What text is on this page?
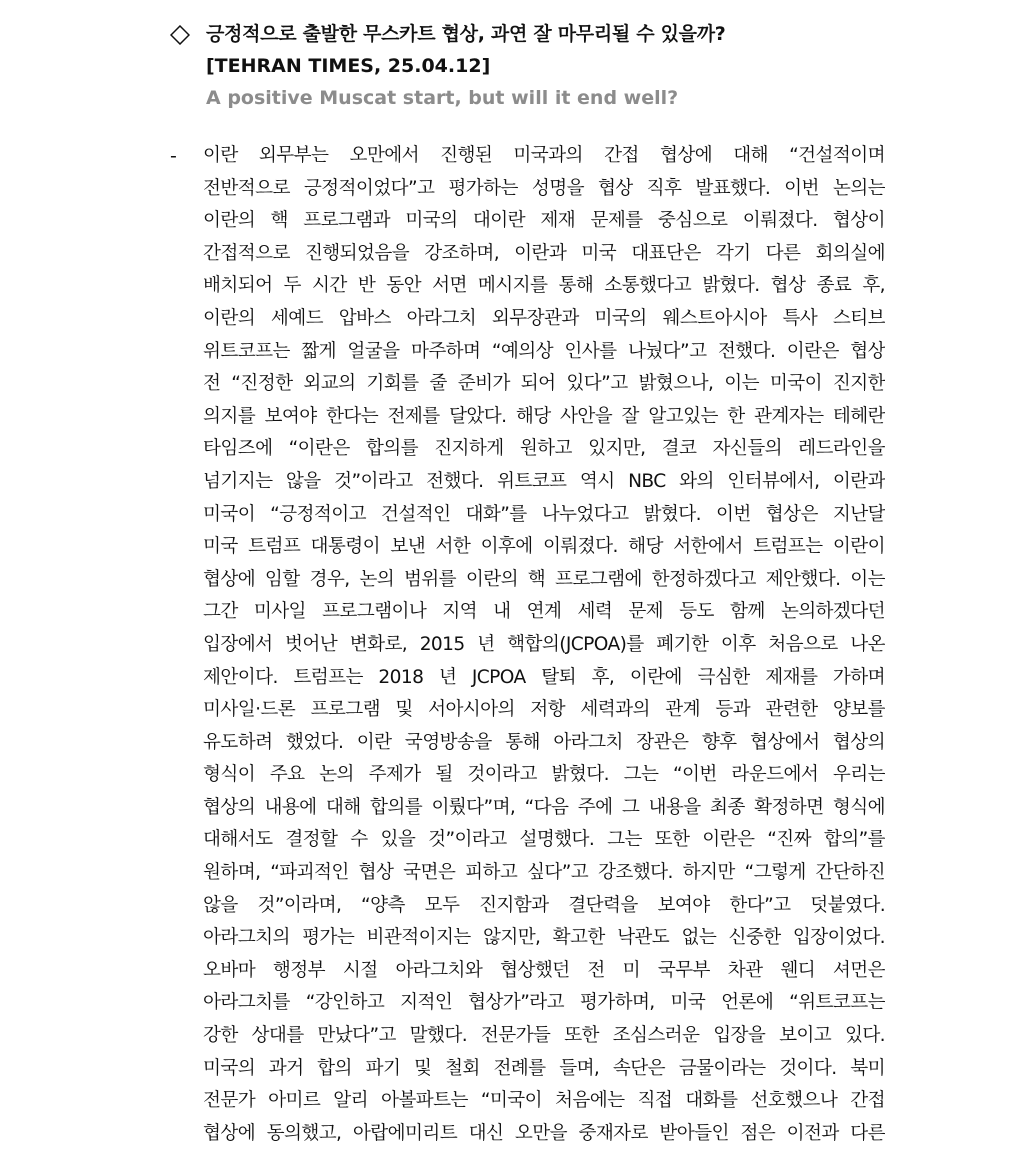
긍정적으로 출발한 무스카트 협상, 과연 잘 마무리될 수 있을까?
[TEHRAN TIMES, 25.04.12]
A positive Muscat start, but will it end well?
- 이란 외무부는 오만에서 진행된 미국과의 간접 협상에 대해 “건설적이며
전반적으로 긍정적이었다”고 평가하는 성명을 협상 직후 발표했다. 이번 논의는
이란의 핵 프로그램과 미국의 대이란 제재 문제를 중심으로 이뤄졌다. 협상이
간접적으로 진행되었음을 강조하며, 이란과 미국 대표단은 각기 다른 회의실에
배치되어 두 시간 반 동안 서면 메시지를 통해 소통했다고 밝혔다. 협상 종료 후,
이란의 세예드 압바스 아라그치 외무장관과 미국의 웨스트아시아 특사 스티브
위트코프는 짧게 얼굴을 마주하며 “예의상 인사를 나눴다”고 전했다. 이란은 협상
전 “진정한 외교의 기회를 줄 준비가 되어 있다”고 밝혔으나, 이는 미국이 진지한
의지를 보여야 한다는 전제를 달았다. 해당 사안을 잘 알고있는 한 관계자는 테헤란
타임즈에 “이란은 합의를 진지하게 원하고 있지만, 결코 자신들의 레드라인을
넘기지는 않을 것”이라고 전했다. 위트코프 역시 NBC 와의 인터뷰에서, 이란과
미국이 “긍정적이고 건설적인 대화”를 나누었다고 밝혔다. 이번 협상은 지난달
미국 트럼프 대통령이 보낸 서한 이후에 이뤄졌다. 해당 서한에서 트럼프는 이란이
협상에 임할 경우, 논의 범위를 이란의 핵 프로그램에 한정하겠다고 제안했다. 이는
그간 미사일 프로그램이나 지역 내 연계 세력 문제 등도 함께 논의하겠다던
입장에서 벗어난 변화로, 2015 년 핵합의(JCPOA)를 폐기한 이후 처음으로 나온
제안이다. 트럼프는 2018 년 JCPOA 탈퇴 후, 이란에 극심한 제재를 가하며
미사일·드론 프로그램 및 서아시아의 저항 세력과의 관계 등과 관련한 양보를
유도하려 했었다. 이란 국영방송을 통해 아라그치 장관은 향후 협상에서 협상의
형식이 주요 논의 주제가 될 것이라고 밝혔다. 그는 “이번 라운드에서 우리는
협상의 내용에 대해 합의를 이뤘다”며, “다음 주에 그 내용을 최종 확정하면 형식에
대해서도 결정할 수 있을 것”이라고 설명했다. 그는 또한 이란은 “진짜 합의”를
원하며, “파괴적인 협상 국면은 피하고 싶다”고 강조했다. 하지만 “그렇게 간단하진
않을 것”이라며, “양측 모두 진지함과 결단력을 보여야 한다”고 덧붙였다.
아라그치의 평가는 비관적이지는 않지만, 확고한 낙관도 없는 신중한 입장이었다.
오바마 행정부 시절 아라그치와 협상했던 전 미 국무부 차관 웬디 셔먼은
아라그치를 “강인하고 지적인 협상가”라고 평가하며, 미국 언론에 “위트코프는
강한 상대를 만났다”고 말했다. 전문가들 또한 조심스러운 입장을 보이고 있다.
미국의 과거 합의 파기 및 철회 전례를 들며, 속단은 금물이라는 것이다. 북미
전문가 아미르 알리 아볼파트는 “미국이 처음에는 직접 대화를 선호했으나 간접
협상에 동의했고, 아랍에미리트 대신 오만을 중재자로 받아들인 점은 이전과 다른
